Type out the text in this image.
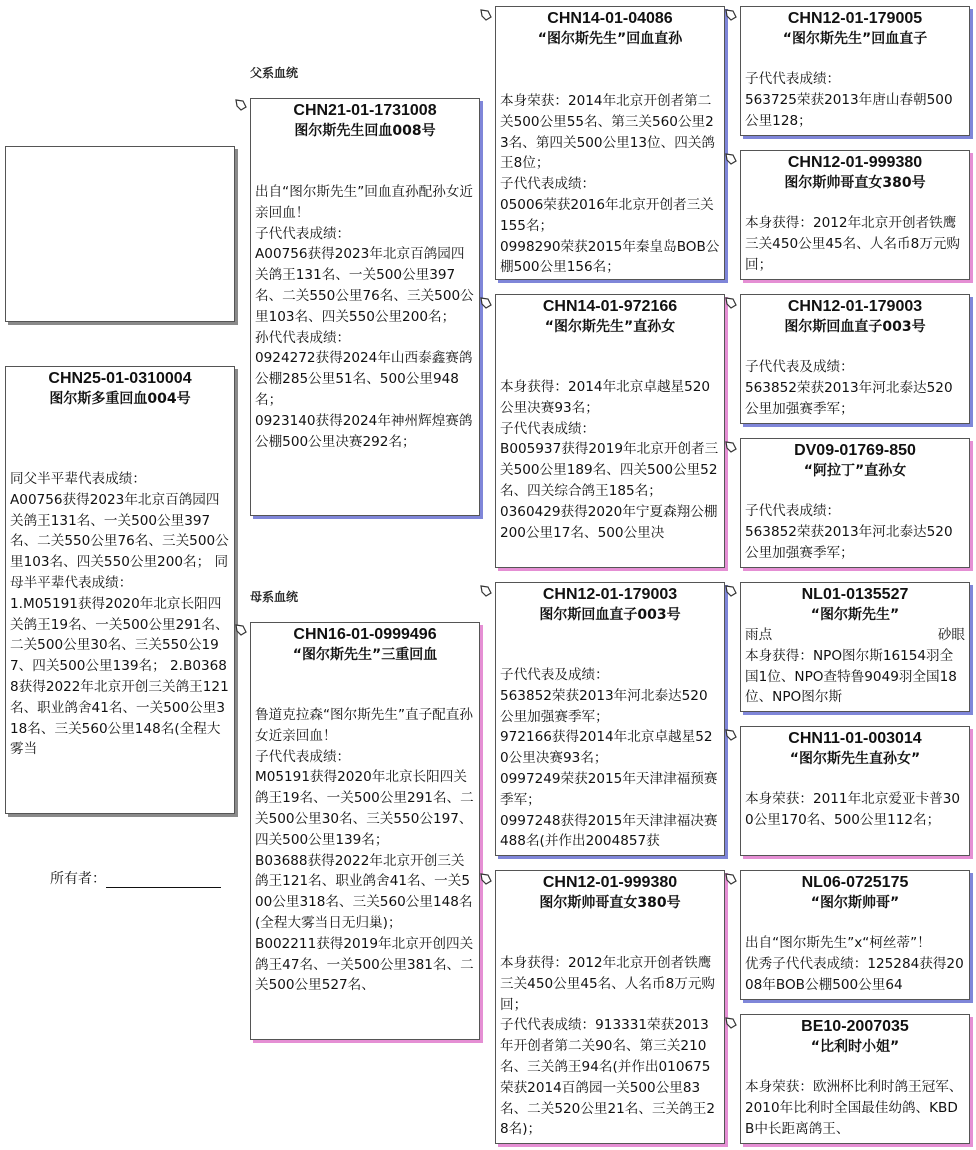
CHN25-01-0310004
图尔斯多重回血004号
同父半平辈代表成绩：
A00756获得2023年北京百鸽园四关鸽王131名、一关500公里397名、二关550公里76名、三关500公里103名、四关550公里200名； 同母半平辈代表成绩：
1.M05191获得2020年北京长阳四关鸽王19名、一关500公里291名、二关500公里30名、三关550公197、四关500公里139名； 2.B03688获得2022年北京开创三关鸽王121名、职业鸽舍41名、一关500公里318名、三关560公里148名(全程大雾当
所有者：
父系血统
母系血统
CHN21-01-1731008
图尔斯先生回血008号
出自“图尔斯先生”回血直孙配孙女近亲回血！
子代代表成绩：
A00756获得2023年北京百鸽园四关鸽王131名、一关500公里397名、二关550公里76名、三关500公里103名、四关550公里200名；
孙代代表成绩：
0924272获得2024年山西泰鑫赛鸽公棚285公里51名、500公里948名；
0923140获得2024年神州辉煌赛鸽公棚500公里决赛292名；
CHN16-01-0999496
“图尔斯先生”三重回血
鲁道克拉森“图尔斯先生”直子配直孙女近亲回血！
子代代表成绩：
M05191获得2020年北京长阳四关鸽王19名、一关500公里291名、二关500公里30名、三关550公197、四关500公里139名；
B03688获得2022年北京开创三关鸽王121名、职业鸽舍41名、一关500公里318名、三关560公里148名(全程大雾当日无归巢)；
B002211获得2019年北京开创四关鸽王47名、一关500公里381名、二关500公里527名、
CHN14-01-04086
“图尔斯先生”回血直孙
本身荣获：2014年北京开创者第二关500公里55名、第三关560公里23名、第四关500公里13位、四关鸽王8位；
子代代表成绩：
05006荣获2016年北京开创者三关155名；
0998290荣获2015年秦皇岛BOB公棚500公里156名；
CHN14-01-972166
“图尔斯先生”直孙女
本身获得：2014年北京卓越星520公里决赛93名；
子代代表成绩：
B005937获得2019年北京开创者三关500公里189名、四关500公里52名、四关综合鸽王185名；
0360429获得2020年宁夏森翔公棚200公里17名、500公里决
CHN12-01-179003
图尔斯回血直子003号
子代代表及成绩：
563852荣获2013年河北泰达520公里加强赛季军；
972166获得2014年北京卓越星520公里决赛93名；
0997249荣获2015年天津津福预赛季军；
0997248获得2015年天津津福决赛488名(并作出2004857获
CHN12-01-999380
图尔斯帅哥直女380号
本身获得：2012年北京开创者铁鹰三关450公里45名、人名币8万元购回；
子代代表成绩：913331荣获2013年开创者第二关90名、第三关210名、三关鸽王94名(并作出010675荣获2014百鸽园一关500公里83名、二关520公里21名、三关鸽王28名)；
CHN12-01-179005
“图尔斯先生”回血直子
子代代表成绩：
563725荣获2013年唐山春朝500公里128；
CHN12-01-999380
图尔斯帅哥直女380号
本身获得：2012年北京开创者铁鹰三关450公里45名、人名币8万元购回；
CHN12-01-179003
图尔斯回血直子003号
子代代表及成绩：
563852荣获2013年河北泰达520公里加强赛季军；
DV09-01769-850
“阿拉丁”直孙女
子代代表成绩：
563852荣获2013年河北泰达520公里加强赛季军；
NL01-0135527
“图尔斯先生”
雨点	砂眼
本身获得：NPO图尔斯16154羽全国1位、NPO查特鲁9049羽全国18位、NPO图尔斯
CHN11-01-003014
“图尔斯先生直孙女”
本身荣获：2011年北京爱亚卡普300公里170名、500公里112名；
NL06-0725175
“图尔斯帅哥”
出自“图尔斯先生”x“柯丝蒂”！
优秀子代代表成绩：125284获得2008年BOB公棚500公里64
BE10-2007035
“比利时小姐”
本身荣获：欧洲杯比利时鸽王冠军、2010年比利时全国最佳幼鸽、KBDB中长距离鸽王、
